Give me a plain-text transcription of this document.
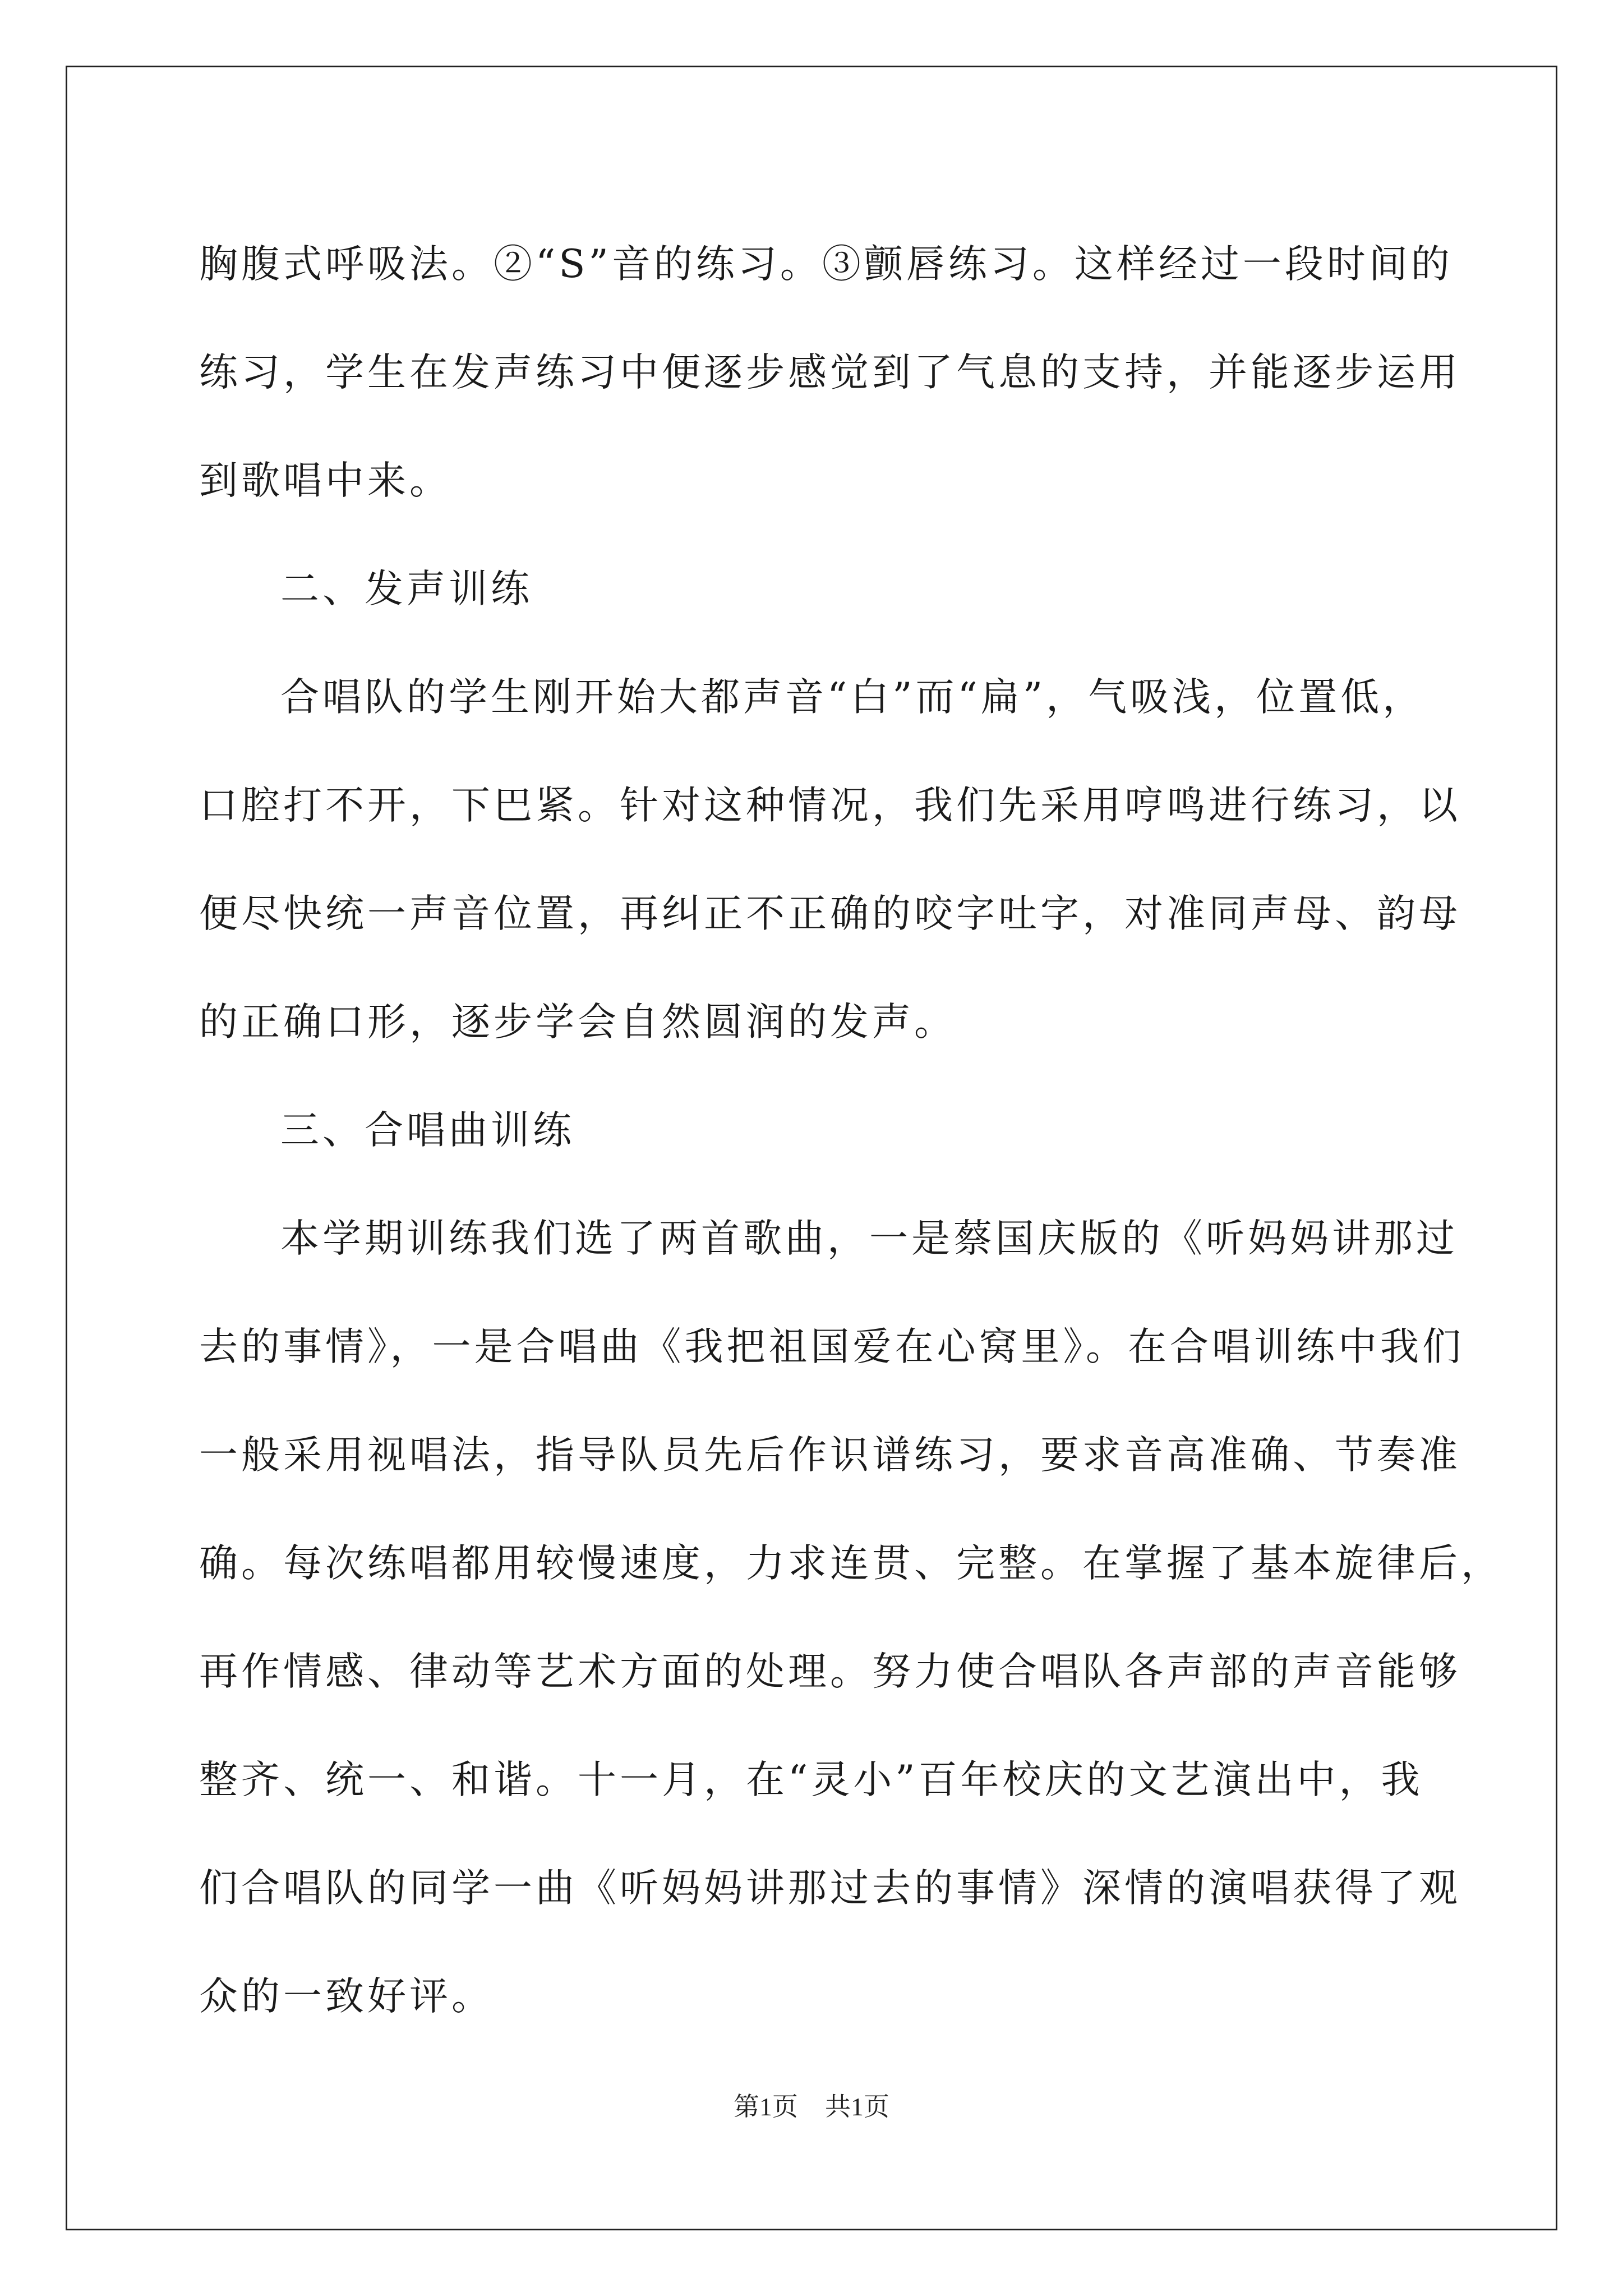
胸腹式呼吸法。②“S”音的练习。③颤唇练习。这样经过一段时间的
练习，学生在发声练习中便逐步感觉到了气息的支持，并能逐步运用
到歌唱中来。
二、发声训练
合唱队的学生刚开始大都声音“白”而“扁”，气吸浅，位置低，
口腔打不开，下巴紧。针对这种情况，我们先采用哼鸣进行练习，以
便尽快统一声音位置，再纠正不正确的咬字吐字，对准同声母、韵母
的正确口形，逐步学会自然圆润的发声。
三、合唱曲训练
本学期训练我们选了两首歌曲，一是蔡国庆版的《听妈妈讲那过
去的事情》，一是合唱曲《我把祖国爱在心窝里》。在合唱训练中我们
一般采用视唱法，指导队员先后作识谱练习，要求音高准确、节奏准
确。每次练唱都用较慢速度，力求连贯、完整。在掌握了基本旋律后，
再作情感、律动等艺术方面的处理。努力使合唱队各声部的声音能够
整齐、统一、和谐。十一月，在“灵小”百年校庆的文艺演出中，我
们合唱队的同学一曲《听妈妈讲那过去的事情》深情的演唱获得了观
众的一致好评。
第1页 共1页
